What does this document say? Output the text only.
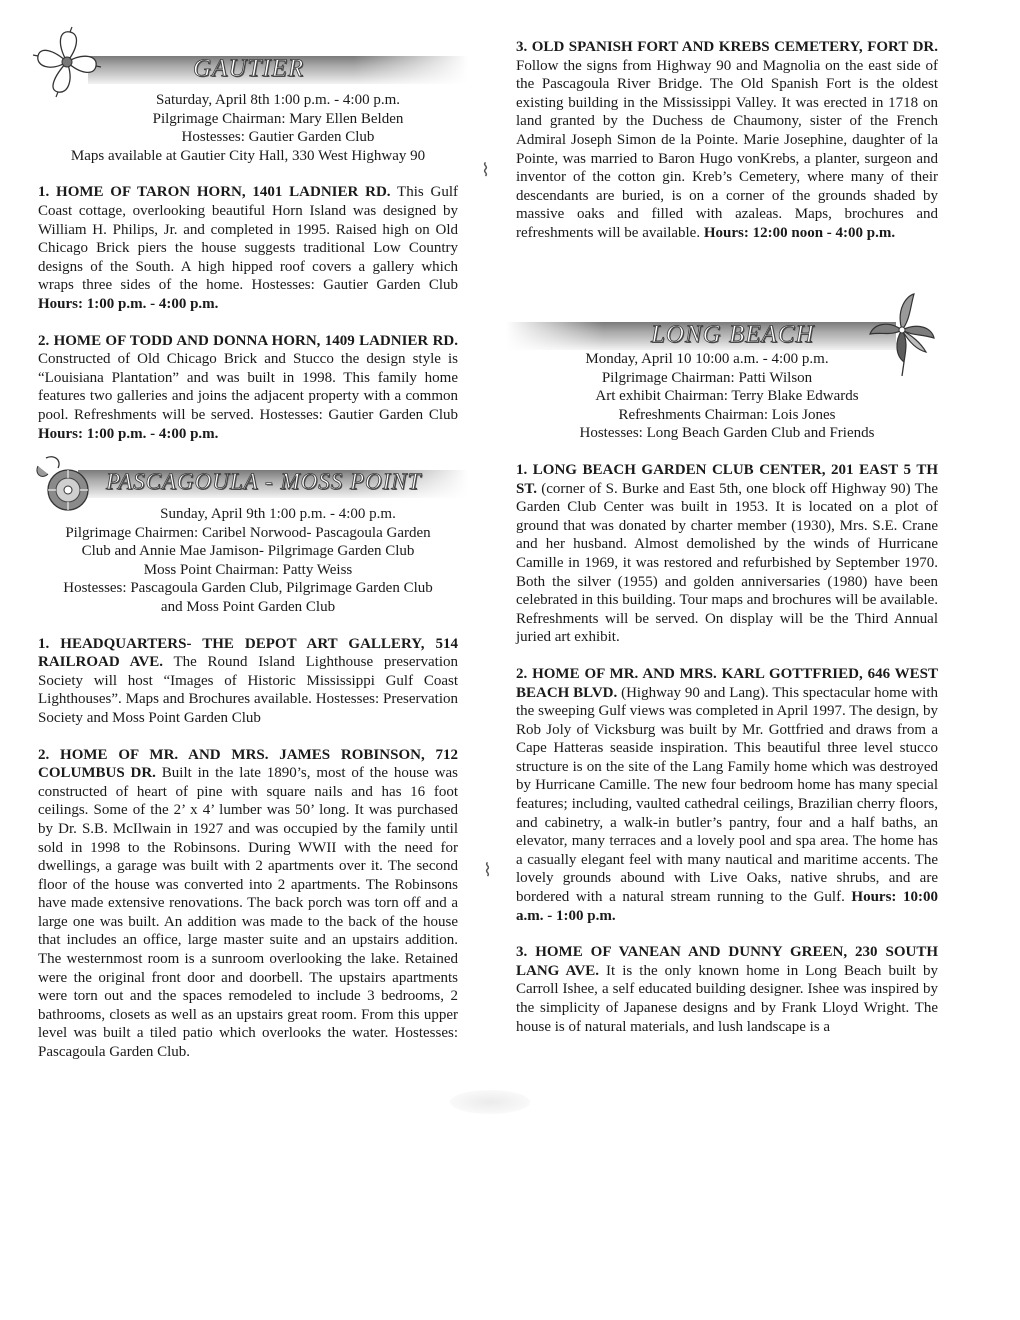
GAUTIER
Saturday, April 8th 1:00 p.m. - 4:00 p.m.
Pilgrimage Chairman: Mary Ellen Belden
Hostesses: Gautier Garden Club
Maps available at Gautier City Hall, 330 West Highway 90

1. HOME OF TARON HORN, 1401 LADNIER RD. This Gulf Coast cottage, overlooking beautiful Horn Island was designed by William H. Philips, Jr. and completed in 1995. Raised high on Old Chicago Brick piers the house suggests traditional Low Country designs of the South. A high hipped roof covers a gallery which wraps three sides of the home. Hostesses: Gautier Garden Club Hours: 1:00 p.m. - 4:00 p.m.

2. HOME OF TODD AND DONNA HORN, 1409 LADNIER RD. Constructed of Old Chicago Brick and Stucco the design style is “Louisiana Plantation” and was built in 1998. This family home features two galleries and joins the adjacent property with a common pool. Refreshments will be served. Hostesses: Gautier Garden Club Hours: 1:00 p.m. - 4:00 p.m.

PASCAGOULA - MOSS POINT
Sunday, April 9th 1:00 p.m. - 4:00 p.m.
Pilgrimage Chairmen: Caribel Norwood- Pascagoula Garden
Club and Annie Mae Jamison- Pilgrimage Garden Club
Moss Point Chairman: Patty Weiss
Hostesses: Pascagoula Garden Club, Pilgrimage Garden Club
and Moss Point Garden Club

1. HEADQUARTERS- THE DEPOT ART GALLERY, 514 RAILROAD AVE. The Round Island Lighthouse preservation Society will host “Images of Historic Mississippi Gulf Coast Lighthouses”. Maps and Brochures available. Hostesses: Preservation Society and Moss Point Garden Club

2. HOME OF MR. AND MRS. JAMES ROBINSON, 712 COLUMBUS DR. Built in the late 1890’s, most of the house was constructed of heart of pine with square nails and has 16 foot ceilings. Some of the 2’ x 4’ lumber was 50’ long. It was purchased by Dr. S.B. McIlwain in 1927 and was occupied by the family until sold in 1998 to the Robinsons. During WWII with the need for dwellings, a garage was built with 2 apartments over it. The second floor of the house was converted into 2 apartments. The Robinsons have made extensive renovations. The back porch was torn off and a large one was built. An addition was made to the back of the house that includes an office, large master suite and an upstairs addition. The westernmost room is a sunroom overlooking the lake. Retained were the original front door and doorbell. The upstairs apartments were torn out and the spaces remodeled to include 3 bedrooms, 2 bathrooms, closets as well as an upstairs great room. From this upper level was built a tiled patio which overlooks the water. Hostesses: Pascagoula Garden Club.

⌇
⌇

3. OLD SPANISH FORT AND KREBS CEMETERY, FORT DR. Follow the signs from Highway 90 and Magnolia on the east side of the Pascagoula River Bridge. The Old Spanish Fort is the oldest existing building in the Mississippi Valley. It was erected in 1718 on land granted by the Duchess de Chaumony, sister of the French Admiral Joseph Simon de la Pointe. Marie Josephine, daughter of la Pointe, was married to Baron Hugo vonKrebs, a planter, surgeon and inventor of the cotton gin. Kreb’s Cemetery, where many of their descendants are buried, is on a corner of the grounds shaded by massive oaks and filled with azaleas. Maps, brochures and refreshments will be available. Hours: 12:00 noon - 4:00 p.m.

LONG BEACH
Monday, April 10 10:00 a.m. - 4:00 p.m.
Pilgrimage Chairman: Patti Wilson
Art exhibit Chairman: Terry Blake Edwards
Refreshments Chairman: Lois Jones
Hostesses: Long Beach Garden Club and Friends

1. LONG BEACH GARDEN CLUB CENTER, 201 EAST 5 TH ST. (corner of S. Burke and East 5th, one block off Highway 90) The Garden Club Center was built in 1953. It is located on a plot of ground that was donated by charter member (1930), Mrs. S.E. Crane and her husband. Almost demolished by the winds of Hurricane Camille in 1969, it was restored and refurbished by September 1970. Both the silver (1955) and golden anniversaries (1980) have been celebrated in this building. Tour maps and brochures will be available. Refreshments will be served. On display will be the Third Annual juried art exhibit.

2. HOME OF MR. AND MRS. KARL GOTTFRIED, 646 WEST BEACH BLVD. (Highway 90 and Lang). This spectacular home with the sweeping Gulf views was completed in April 1997. The design, by Rob Joly of Vicksburg was built by Mr. Gottfried and draws from a Cape Hatteras seaside inspiration. This beautiful three level stucco structure is on the site of the Lang Family home which was destroyed by Hurricane Camille. The new four bedroom home has many special features; including, vaulted cathedral ceilings, Brazilian cherry floors, and cabinetry, a walk-in butler’s pantry, four and a half baths, an elevator, many terraces and a lovely pool and spa area. The home has a casually elegant feel with many nautical and maritime accents. The lovely grounds abound with Live Oaks, native shrubs, and are bordered with a natural stream running to the Gulf. Hours: 10:00 a.m. - 1:00 p.m.

3. HOME OF VANEAN AND DUNNY GREEN, 230 SOUTH LANG AVE. It is the only known home in Long Beach built by Carroll Ishee, a self educated building designer. Ishee was inspired by the simplicity of Japanese designs and by Frank Lloyd Wright. The house is of natural materials, and lush landscape is a
